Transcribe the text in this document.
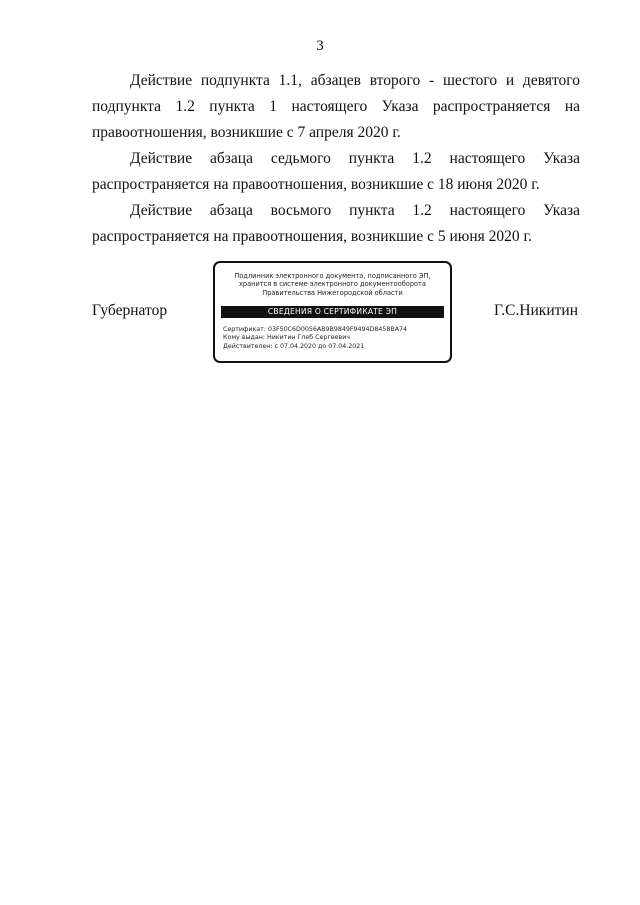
3

Действие подпункта 1.1, абзацев второго - шестого и девятого подпункта 1.2 пункта 1 настоящего Указа распространяется на правоотношения, возникшие с 7 апреля 2020 г.

Действие абзаца седьмого пункта 1.2 настоящего Указа распространяется на правоотношения, возникшие с 18 июня 2020 г.

Действие абзаца восьмого пункта 1.2 настоящего Указа распространяется на правоотношения, возникшие с 5 июня 2020 г.

Губернатор
Подлинник электронного документа, подписанного ЭП,
хранится в системе электронного документооборота
Правительства Нижегородской области
СВЕДЕНИЯ О СЕРТИФИКАТЕ ЭП
Сертификат: 03F50C6D0056AB9B9849F9494D8458BA74
Кому выдан: Никитин Глеб Сергеевич
Действителен: с 07.04.2020 до 07.04.2021
Г.С.Никитин
